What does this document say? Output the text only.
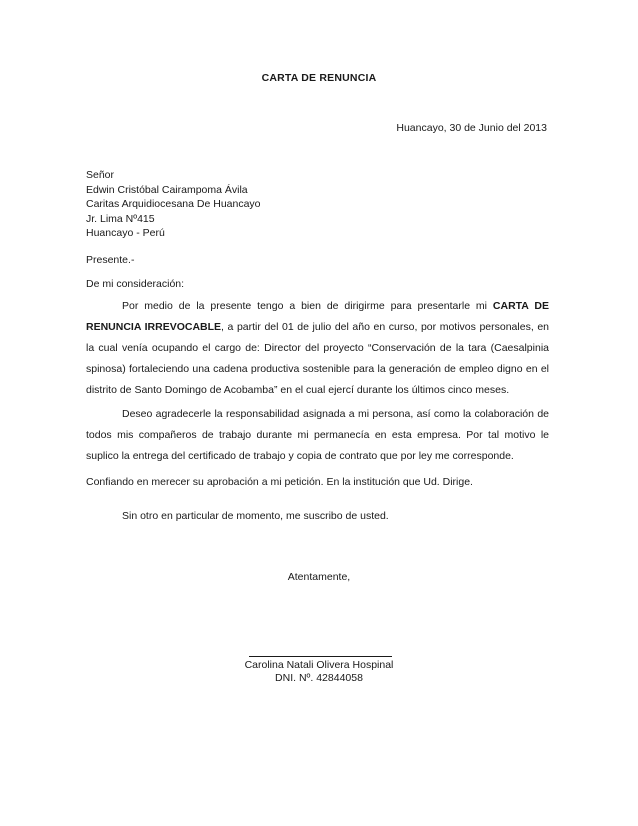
CARTA DE RENUNCIA
Huancayo, 30 de Junio del 2013
Señor
Edwin Cristóbal Cairampoma Ávila
Caritas Arquidiocesana De Huancayo
Jr. Lima Nº415
Huancayo - Perú
Presente.-
De mi consideración:
Por medio de la presente tengo a bien de dirigirme para presentarle mi CARTA DE RENUNCIA IRREVOCABLE, a partir del 01 de julio del año en curso, por motivos personales, en la cual venía ocupando el cargo de: Director del proyecto “Conservación de la tara (Caesalpinia spinosa) fortaleciendo una cadena productiva sostenible para la generación de empleo digno en el distrito de Santo Domingo de Acobamba” en el cual ejercí durante los últimos cinco meses.
Deseo agradecerle la responsabilidad asignada a mi persona, así como la colaboración de todos mis compañeros de trabajo durante mi permanecía en esta empresa. Por tal motivo le suplico la entrega del certificado de trabajo y copia de contrato que por ley me corresponde.
Confiando en merecer su aprobación a mi petición. En la institución que Ud. Dirige.
Sin otro en particular de momento, me suscribo de usted.
Atentamente,
Carolina Natali Olivera Hospinal
DNI. Nº. 42844058
